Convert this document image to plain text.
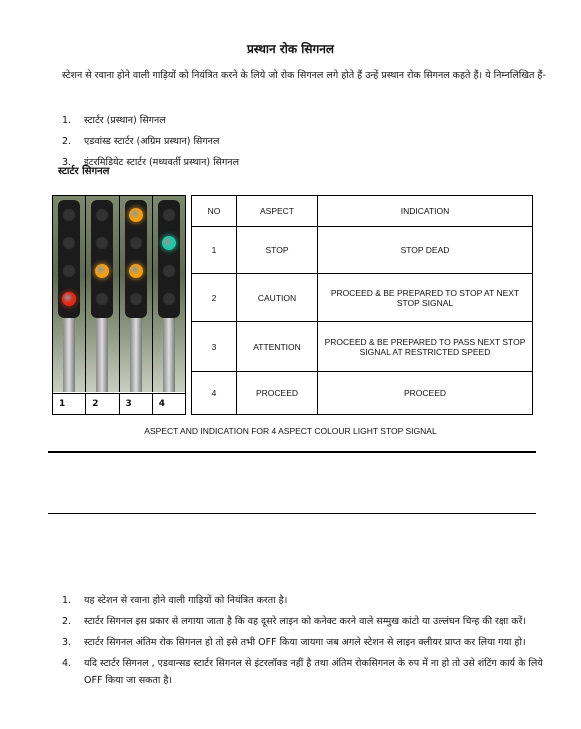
प्रस्थान रोक सिगनल
स्टेशन से रवाना होने वाली गाड़ियों को नियंत्रित करने के लिये जो रोक सिगनल लगे होते हैं उन्हें प्रस्थान रोक सिगनल कहते हैं। ये निम्नलिखित हैं-
1. स्टार्टर (प्रस्थान) सिगनल
2. एडवांस्ड स्टार्टर (अग्रिम प्रस्थान) सिगनल
3. इंटरमिडियेट स्टार्टर (मध्यवर्ती प्रस्थान) सिगनल
स्टार्टर सिगनल
1	2	3	4
NO	ASPECT	INDICATION
1	STOP	STOP DEAD
2	CAUTION	PROCEED & BE PREPARED TO STOP AT NEXT STOP SIGNAL
3	ATTENTION	PROCEED & BE PREPARED TO PASS NEXT STOP SIGNAL AT RESTRICTED SPEED
4	PROCEED	PROCEED
ASPECT AND INDICATION FOR 4 ASPECT COLOUR LIGHT STOP SIGNAL
1.	यह स्टेशन से रवाना होने वाली गाड़ियों को नियंत्रित करता है।
2.	स्टार्टर सिगनल इस प्रकार से लगाया जाता है कि वह दूसरे लाइन को कनेक्ट करने वाले सम्मुख कांटो या उल्लंघन चिन्ह की रक्षा करें।
3.	स्टार्टर सिगनल अंतिम रोक सिगनल हो तो इसे तभी OFF किया जायगा जब अगले स्टेशन से लाइन क्लीयर प्राप्त कर लिया गया हो।
4.	यदि स्टार्टर सिगनल , एडवान्सड स्टार्टर सिगनल से इंटरलॉक्ड नहीं है तथा अंतिम रोकसिगनल के रुप में ना हो तो उसे शंटिंग कार्य के लिये OFF किया जा सकता है।
